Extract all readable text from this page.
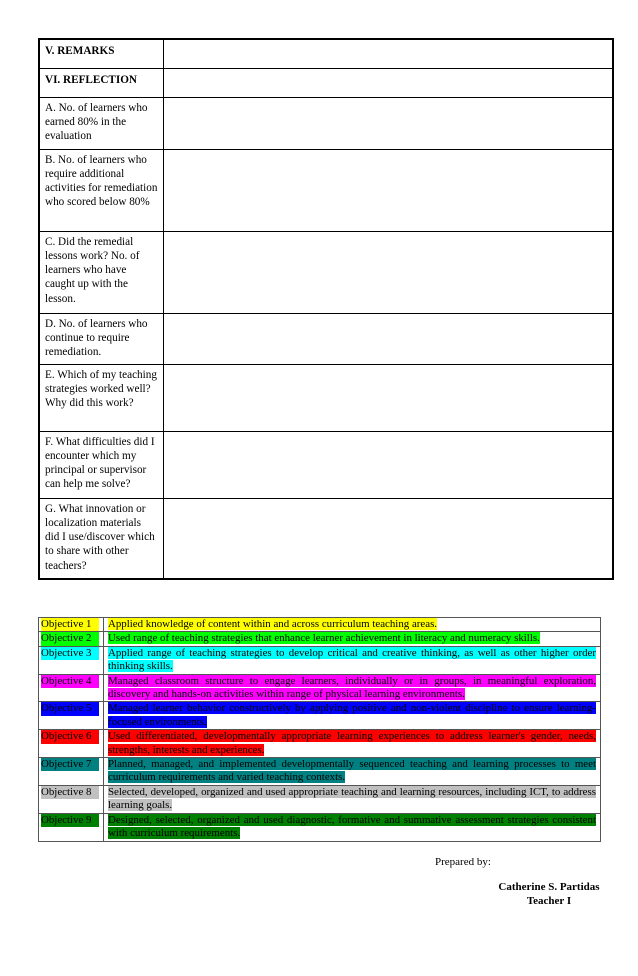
V. REMARKS	
VI. REFLECTION	
A. No. of learners who earned 80% in the evaluation	
B. No. of learners who require additional activities for remediation who scored below 80%	
C. Did the remedial lessons work? No. of learners who have caught up with the lesson.	
D. No. of learners who continue to require remediation.	
E. Which of my teaching strategies worked well? Why did this work?	
F. What difficulties did I encounter which my principal or supervisor can help me solve?	
G. What innovation or localization materials did I use/discover which to share with other teachers?	
Objective 1	Applied knowledge of content within and across curriculum teaching areas.
Objective 2	Used range of teaching strategies that enhance learner achievement in literacy and numeracy skills.
Objective 3	Applied range of teaching strategies to develop critical and creative thinking, as well as other higher order thinking skills.
Objective 4	Managed classroom structure to engage learners, individually or in groups, in meaningful exploration, discovery and hands-on activities within range of physical learning environments.
Objective 5	Managed learner behavior constructively by applying positive and non-violent discipline to ensure learning-focused environments.
Objective 6	Used differentiated, developmentally appropriate learning experiences to address learner's gender, needs, strengths, interests and experiences.
Objective 7	Planned, managed, and implemented developmentally sequenced teaching and learning processes to meet curriculum requirements and varied teaching contexts.
Objective 8	Selected, developed, organized and used appropriate teaching and learning resources, including ICT, to address learning goals.
Objective 9	Designed, selected, organized and used diagnostic, formative and summative assessment strategies consistent with curriculum requirements.
Prepared by:
Catherine S. Partidas
Teacher I
